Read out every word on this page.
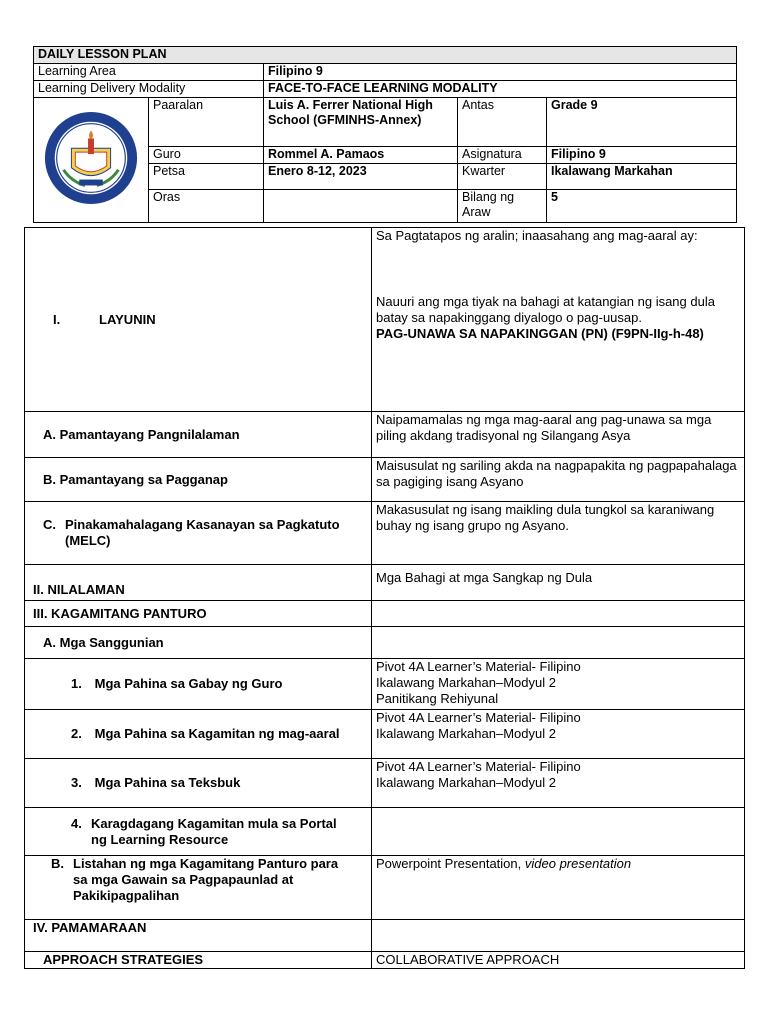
DAILY LESSON PLAN				
Learning Area		Filipino 9		
Learning Delivery Modality		FACE-TO-FACE LEARNING MODALITY		
	Paaralan	Luis A. Ferrer National High School (GFMINHS-Annex)	Antas	Grade 9
	Guro	Rommel A. Pamaos	Asignatura	Filipino 9
	Petsa	Enero 8-12, 2023	Kwarter	Ikalawang Markahan
	Oras		Bilang ng Araw	5
I. LAYUNIN	Sa Pagtatapos ng aralin; inaasahang ang mag-aaral ay:
Nauuri ang mga tiyak na bahagi at katangian ng isang dula batay sa napakinggang diyalogo o pag-uusap.
PAG-UNAWA SA NAPAKINGGAN (PN) (F9PN-IIg-h-48)

A. Pamantayang Pangnilalaman	Naipamamalas ng mga mag-aaral ang pag-unawa sa mga piling akdang tradisyonal ng Silangang Asya
B. Pamantayang sa Pagganap	Maisusulat ng sariling akda na nagpapakita ng pagpapahalaga sa pagiging isang Asyano
C. Pinakamahalagang Kasanayan sa Pagkatuto (MELC)	Makasusulat ng isang maikling dula tungkol sa karaniwang buhay ng isang grupo ng Asyano.
II. NILALAMAN	Mga Bahagi at mga Sangkap ng Dula
III. KAGAMITANG PANTURO	
A. Mga Sanggunian	
1. Mga Pahina sa Gabay ng Guro	Pivot 4A Learner’s Material- Filipino
Ikalawang Markahan–Modyul 2
Panitikang Rehiyunal

2. Mga Pahina sa Kagamitan ng mag-aaral	Pivot 4A Learner’s Material- Filipino
Ikalawang Markahan–Modyul 2

3. Mga Pahina sa Teksbuk	Pivot 4A Learner’s Material- Filipino
Ikalawang Markahan–Modyul 2

4. Karagdagang Kagamitan mula sa Portal ng Learning Resource	
B. Listahan ng mga Kagamitang Panturo para sa mga Gawain sa Pagpapaunlad at Pakikipagpalihan	Powerpoint Presentation, video presentation
IV. PAMAMARAAN	
APPROACH STRATEGIES	COLLABORATIVE APPROACH
